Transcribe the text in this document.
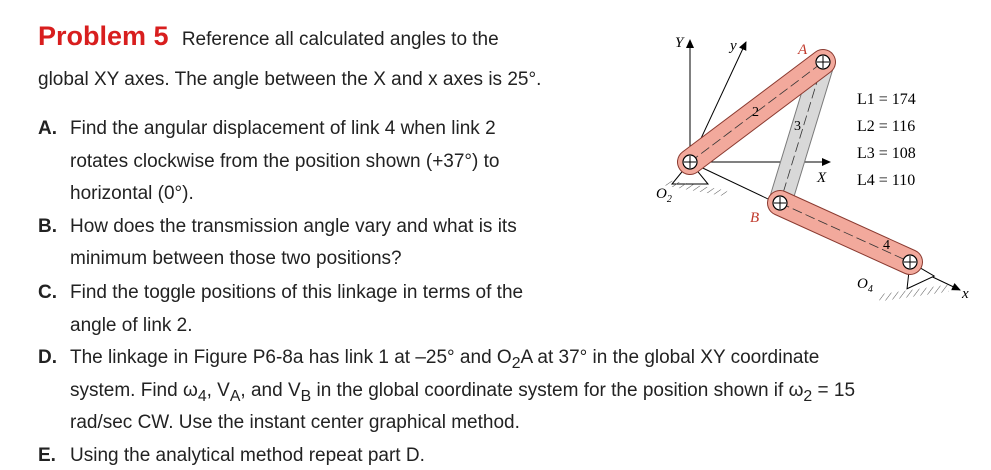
Problem 5 Reference all calculated angles to the
global XY axes. The angle between the X and x axes is 25°.
A. Find the angular displacement of link 4 when link 2
rotates clockwise from the position shown (+37°) to
horizontal (0°).
B. How does the transmission angle vary and what is its
minimum between those two positions?
C. Find the toggle positions of this linkage in terms of the
angle of link 2.
D. The linkage in Figure P6-8a has link 1 at –25° and $O_2A$ at 37° in the global XY coordinate
system. Find $\omega_4$, $V_A$, and $V_B$ in the global coordinate system for the position shown if $\omega_2 = 15$
rad/sec CW. Use the instant center graphical method.
E. Using the analytical method repeat part D.
Y	y
X
x
A
B
$O_2$
$O_4$
2
3
4
L1 = 174
L2 = 116
L3 = 108
L4 = 110
